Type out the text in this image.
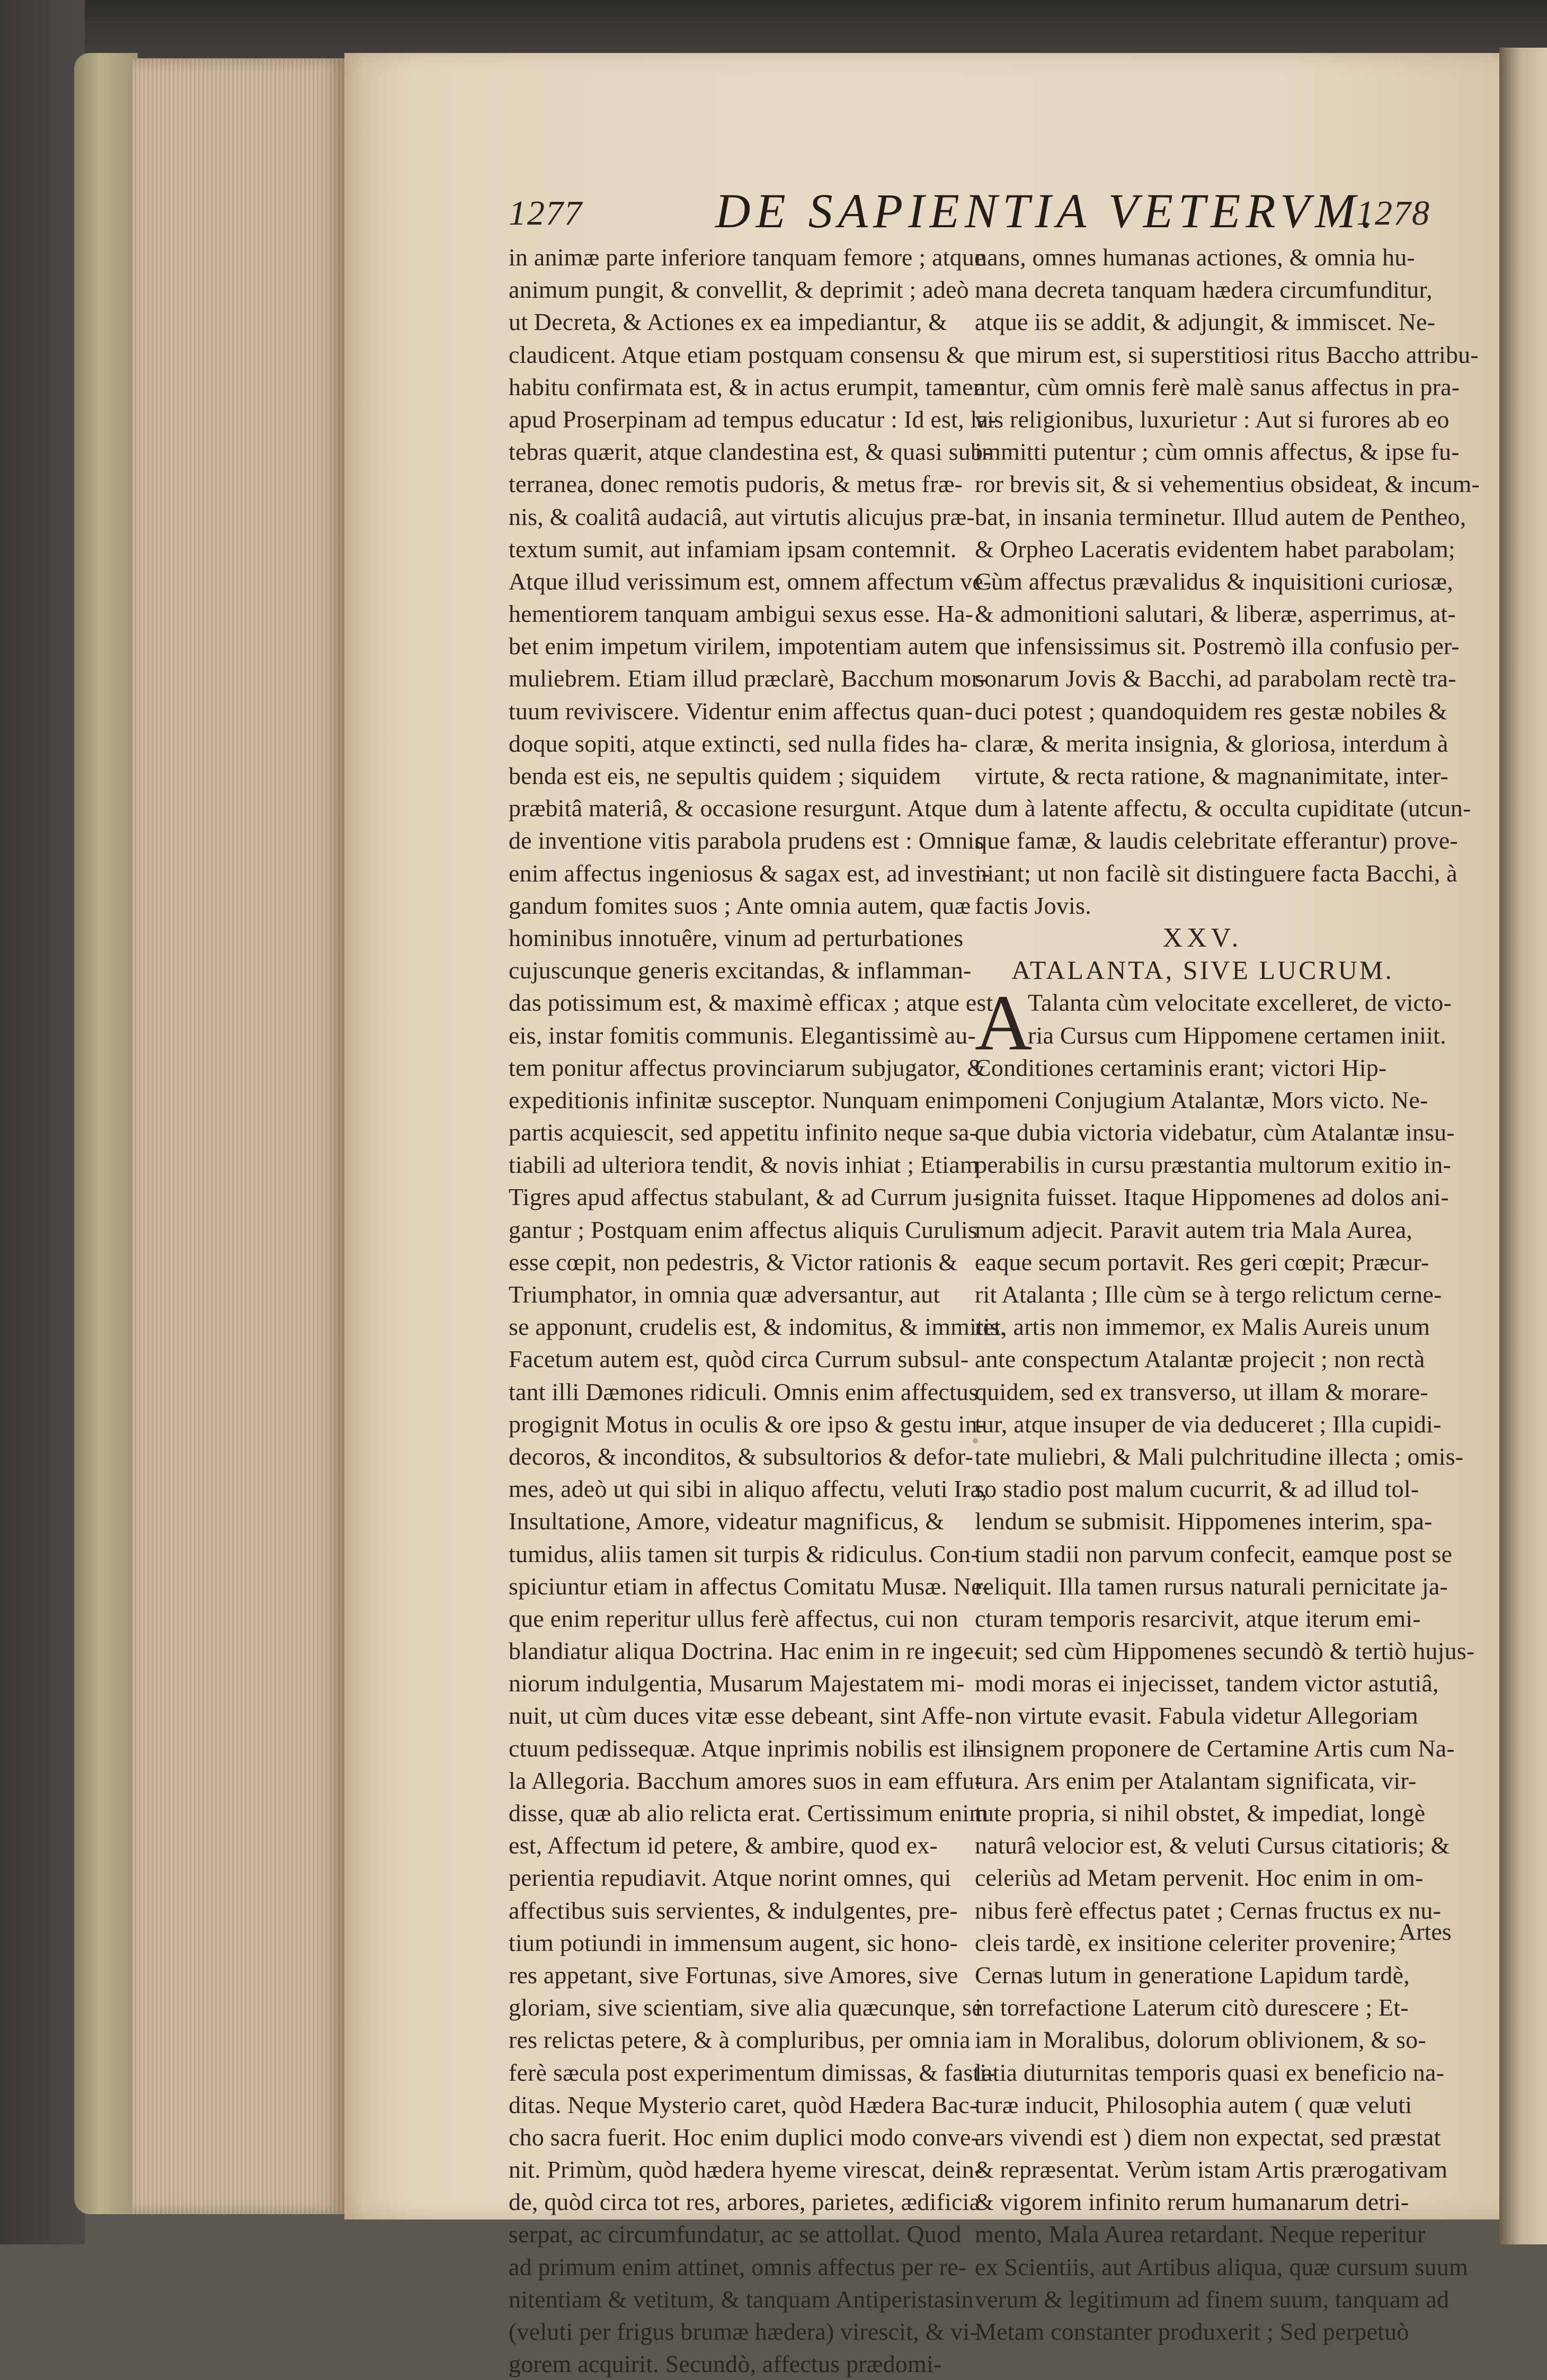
1277	DE SAPIENTIA VETERVM.
1278
in animæ parte inferiore tanquam femore ; atque
animum pungit, & convellit, & deprimit ; adeò
ut Decreta, & Actiones ex ea impediantur, &
claudicent. Atque etiam postquam consensu &
habitu confirmata est, & in actus erumpit, tamen
apud Proserpinam ad tempus educatur : Id est, la-
tebras quærit, atque clandestina est, & quasi sub-
terranea, donec remotis pudoris, & metus fræ-
nis, & coalitâ audaciâ, aut virtutis alicujus præ-
textum sumit, aut infamiam ipsam contemnit.
Atque illud verissimum est, omnem affectum ve-
hementiorem tanquam ambigui sexus esse. Ha-
bet enim impetum virilem, impotentiam autem
muliebrem. Etiam illud præclarè, Bacchum mor-
tuum reviviscere. Videntur enim affectus quan-
doque sopiti, atque extincti, sed nulla fides ha-
benda est eis, ne sepultis quidem ; siquidem
præbitâ materiâ, & occasione resurgunt. Atque
de inventione vitis parabola prudens est : Omnis
enim affectus ingeniosus & sagax est, ad investi-
gandum fomites suos ; Ante omnia autem, quæ
hominibus innotuêre, vinum ad perturbationes
cujuscunque generis excitandas, & inflamman-
das potissimum est, & maximè efficax ; atque est
eis, instar fomitis communis. Elegantissimè au-
tem ponitur affectus provinciarum subjugator, &
expeditionis infinitæ susceptor. Nunquam enim
partis acquiescit, sed appetitu infinito neque sa-
tiabili ad ulteriora tendit, & novis inhiat ; Etiam
Tigres apud affectus stabulant, & ad Currum ju-
gantur ; Postquam enim affectus aliquis Curulis
esse cœpit, non pedestris, & Victor rationis &
Triumphator, in omnia quæ adversantur, aut
se apponunt, crudelis est, & indomitus, & immitis.
Facetum autem est, quòd circa Currum subsul-
tant illi Dæmones ridiculi. Omnis enim affectus
progignit Motus in oculis & ore ipso & gestu in-
decoros, & inconditos, & subsultorios & defor-
mes, adeò ut qui sibi in aliquo affectu, veluti Ira,
Insultatione, Amore, videatur magnificus, &
tumidus, aliis tamen sit turpis & ridiculus. Con-
spiciuntur etiam in affectus Comitatu Musæ. Ne-
que enim reperitur ullus ferè affectus, cui non
blandiatur aliqua Doctrina. Hac enim in re inge-
niorum indulgentia, Musarum Majestatem mi-
nuit, ut cùm duces vitæ esse debeant, sint Affe-
ctuum pedissequæ. Atque inprimis nobilis est il-
la Allegoria. Bacchum amores suos in eam effu-
disse, quæ ab alio relicta erat. Certissimum enim
est, Affectum id petere, & ambire, quod ex-
perientia repudiavit. Atque norint omnes, qui
affectibus suis servientes, & indulgentes, pre-
tium potiundi in immensum augent, sic hono-
res appetant, sive Fortunas, sive Amores, sive
gloriam, sive scientiam, sive alia quæcunque, se
res relictas petere, & à compluribus, per omnia
ferè sæcula post experimentum dimissas, & fasti-
ditas. Neque Mysterio caret, quòd Hædera Bac-
cho sacra fuerit. Hoc enim duplici modo conve-
nit. Primùm, quòd hædera hyeme virescat, dein-
de, quòd circa tot res, arbores, parietes, ædificia
serpat, ac circumfundatur, ac se attollat. Quod
ad primum enim attinet, omnis affectus per re-
nitentiam & vetitum, & tanquam Antiperistasin
(veluti per frigus brumæ hædera) virescit, & vi-
gorem acquirit. Secundò, affectus prædomi-
nans, omnes humanas actiones, & omnia hu-
mana decreta tanquam hædera circumfunditur,
atque iis se addit, & adjungit, & immiscet. Ne-
que mirum est, si superstitiosi ritus Baccho attribu-
antur, cùm omnis ferè malè sanus affectus in pra-
vis religionibus, luxurietur : Aut si furores ab eo
immitti putentur ; cùm omnis affectus, & ipse fu-
ror brevis sit, & si vehementius obsideat, & incum-
bat, in insania terminetur. Illud autem de Pentheo,
& Orpheo Laceratis evidentem habet parabolam;
Cùm affectus prævalidus & inquisitioni curiosæ,
& admonitioni salutari, & liberæ, asperrimus, at-
que infensissimus sit. Postremò illa confusio per-
sonarum Jovis & Bacchi, ad parabolam rectè tra-
duci potest ; quandoquidem res gestæ nobiles &
claræ, & merita insignia, & gloriosa, interdum à
virtute, & recta ratione, & magnanimitate, inter-
dum à latente affectu, & occulta cupiditate (utcun-
que famæ, & laudis celebritate efferantur) prove-
niant; ut non facilè sit distinguere facta Bacchi, à
factis Jovis.
XXV.
ATALANTA, SIVE LUCRUM.
A
Talanta cùm velocitate excelleret, de victo-
ria Cursus cum Hippomene certamen iniit.
Conditiones certaminis erant; victori Hip-
pomeni Conjugium Atalantæ, Mors victo. Ne-
que dubia victoria videbatur, cùm Atalantæ insu-
perabilis in cursu præstantia multorum exitio in-
signita fuisset. Itaque Hippomenes ad dolos ani-
mum adjecit. Paravit autem tria Mala Aurea,
eaque secum portavit. Res geri cœpit; Præcur-
rit Atalanta ; Ille cùm se à tergo relictum cerne-
ret, artis non immemor, ex Malis Aureis unum
ante conspectum Atalantæ projecit ; non rectà
quidem, sed ex transverso, ut illam & morare-
tur, atque insuper de via deduceret ; Illa cupidi-
tate muliebri, & Mali pulchritudine illecta ; omis-
so stadio post malum cucurrit, & ad illud tol-
lendum se submisit. Hippomenes interim, spa-
tium stadii non parvum confecit, eamque post se
reliquit. Illa tamen rursus naturali pernicitate ja-
cturam temporis resarcivit, atque iterum emi-
cuit; sed cùm Hippomenes secundò & tertiò hujus-
modi moras ei injecisset, tandem victor astutiâ,
non virtute evasit. Fabula videtur Allegoriam
insignem proponere de Certamine Artis cum Na-
tura. Ars enim per Atalantam significata, vir-
tute propria, si nihil obstet, & impediat, longè
naturâ velocior est, & veluti Cursus citatioris; &
celeriùs ad Metam pervenit. Hoc enim in om-
nibus ferè effectus patet ; Cernas fructus ex nu-
cleis tardè, ex insitione celeriter provenire;
Cernas lutum in generatione Lapidum tardè,
in torrefactione Laterum citò durescere ; Et-
iam in Moralibus, dolorum oblivionem, & so-
latia diuturnitas temporis quasi ex beneficio na-
turæ inducit, Philosophia autem ( quæ veluti
ars vivendi est ) diem non expectat, sed præstat
& repræsentat. Verùm istam Artis prærogativam
& vigorem infinito rerum humanarum detri-
mento, Mala Aurea retardant. Neque reperitur
ex Scientiis, aut Artibus aliqua, quæ cursum suum
verum & legitimum ad finem suum, tanquam ad
Metam constanter produxerit ; Sed perpetuò
Artes
